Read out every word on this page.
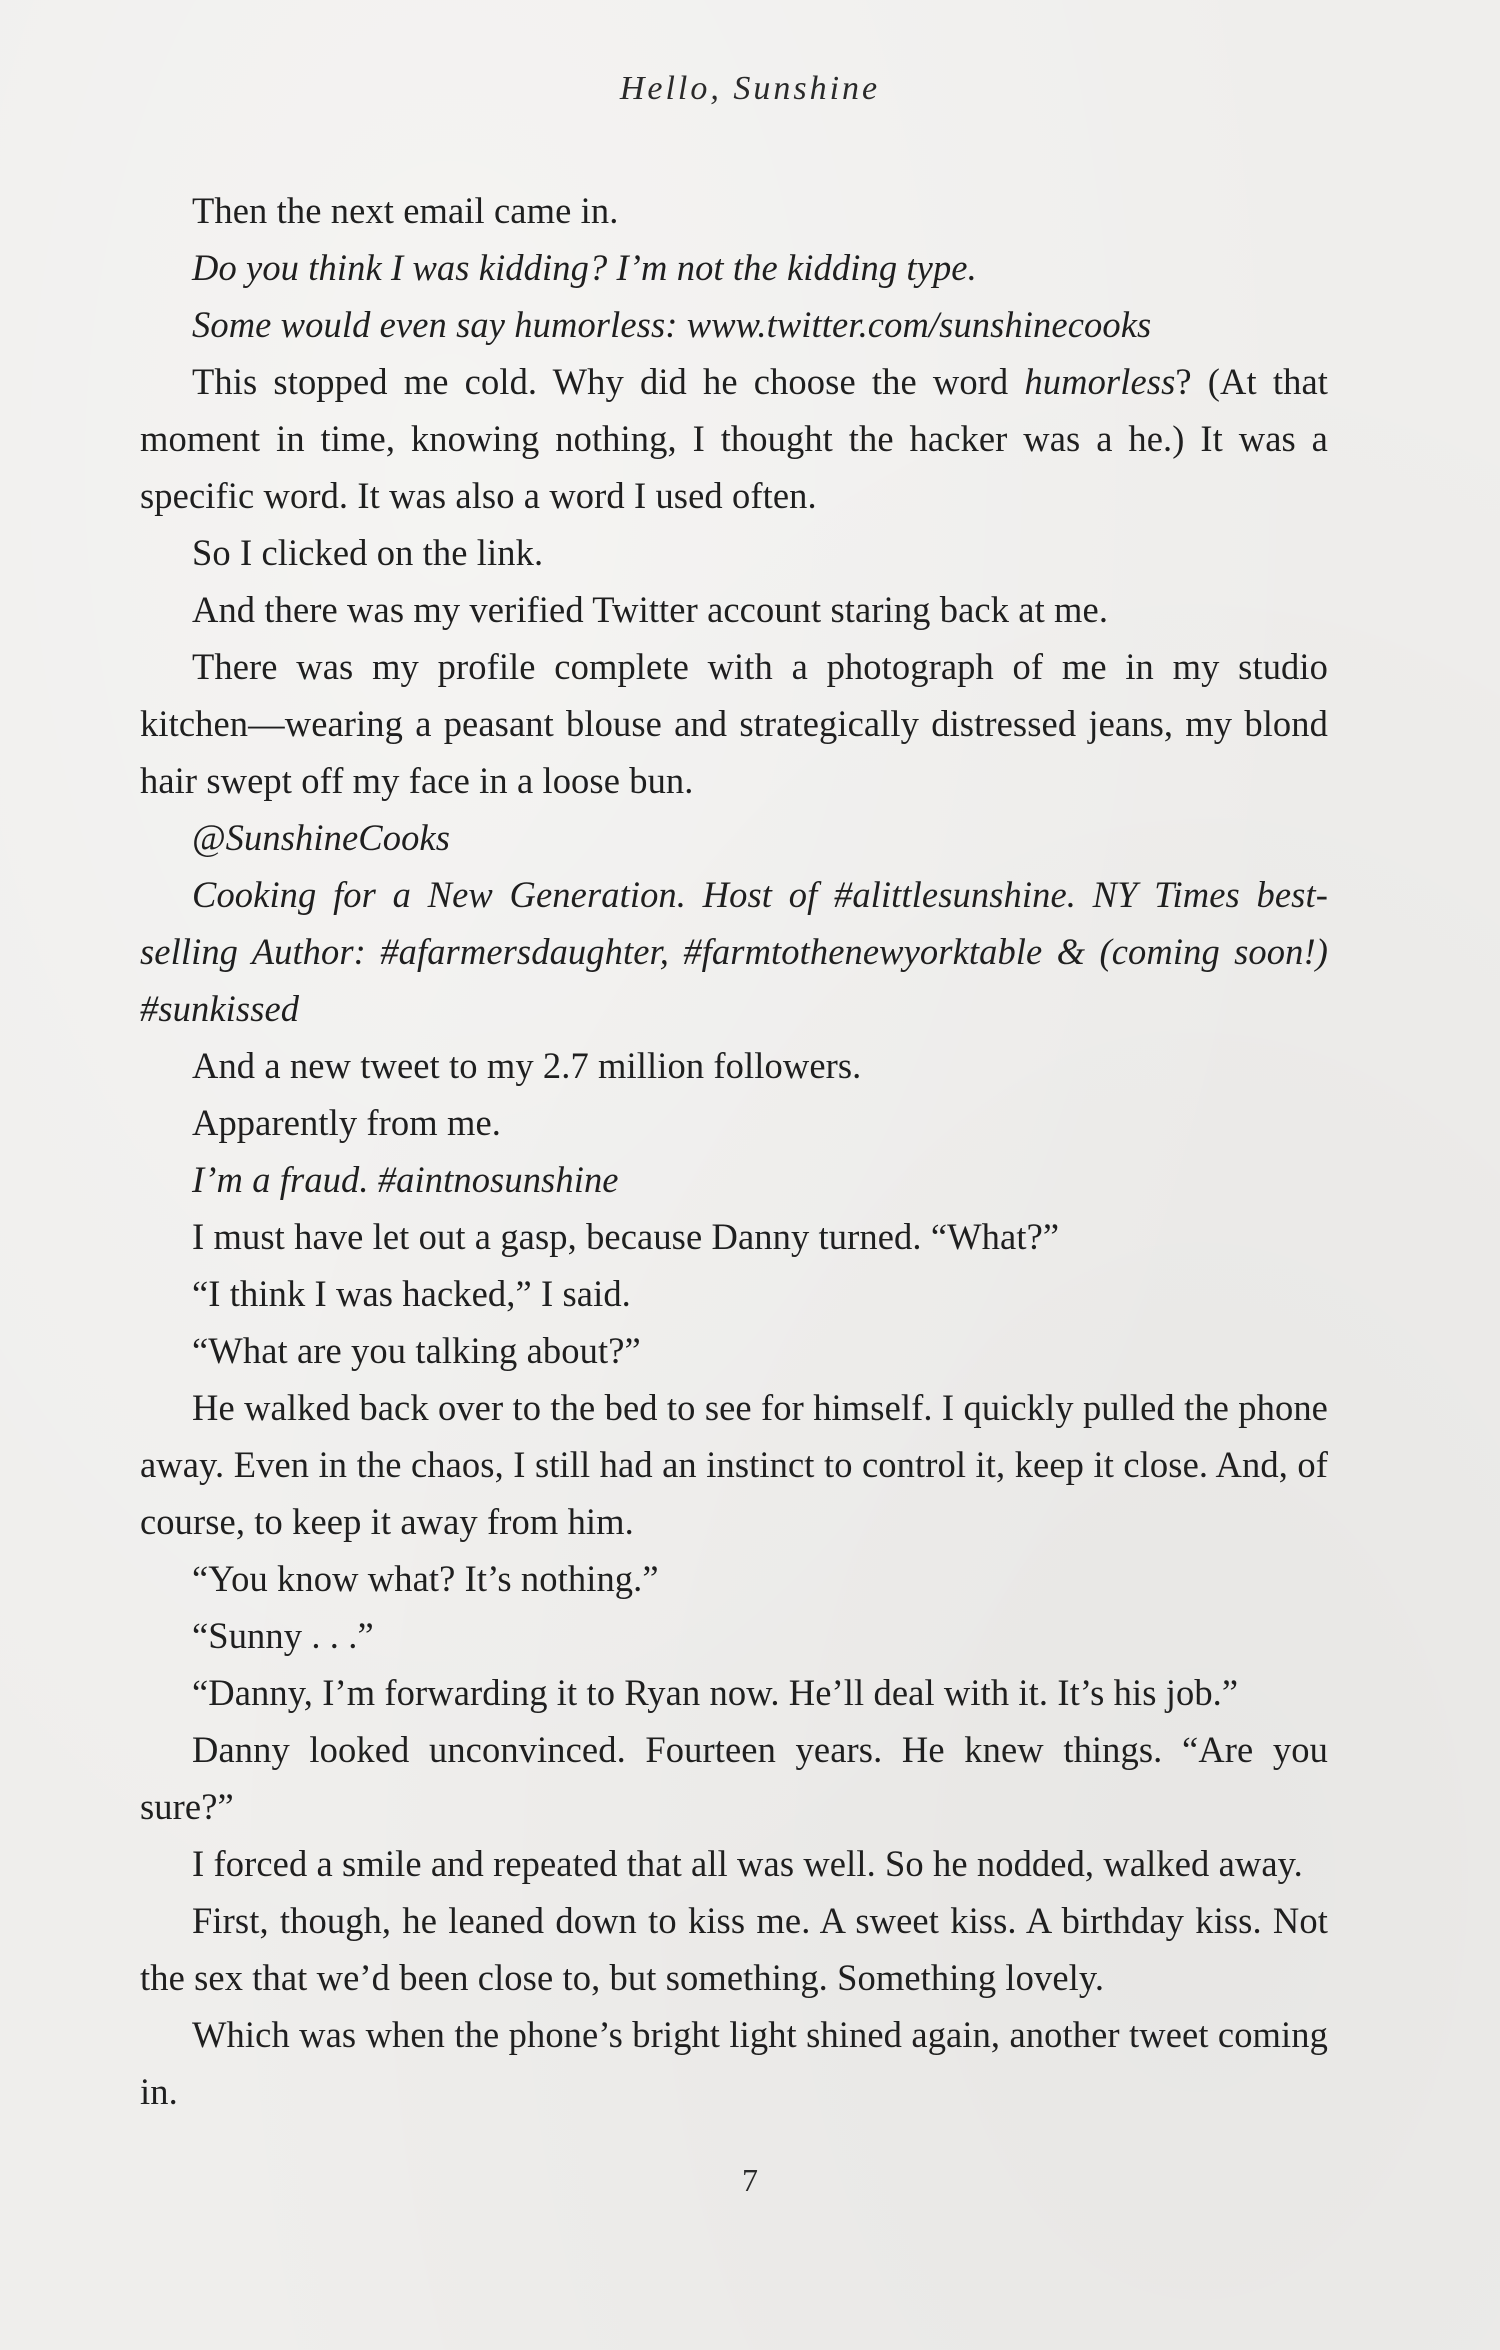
Hello, Sunshine

Then the next email came in.

Do you think I was kidding? I’m not the kidding type.

Some would even say humorless: www.twitter.com/sunshinecooks

This stopped me cold. Why did he choose the word humorless? (At that moment in time, knowing nothing, I thought the hacker was a he.) It was a specific word. It was also a word I used often.

So I clicked on the link.

And there was my verified Twitter account staring back at me.

There was my profile complete with a photograph of me in my studio kitchen—wearing a peasant blouse and strategically distressed jeans, my blond hair swept off my face in a loose bun.

@SunshineCooks

Cooking for a New Generation. Host of #alittlesunshine. NY Times best-selling Author: #afarmersdaughter, #farmtothenewyorktable & (coming soon!) #sunkissed

And a new tweet to my 2.7 million followers.

Apparently from me.

I’m a fraud. #aintnosunshine

I must have let out a gasp, because Danny turned. “What?”

“I think I was hacked,” I said.

“What are you talking about?”

He walked back over to the bed to see for himself. I quickly pulled the phone away. Even in the chaos, I still had an instinct to control it, keep it close. And, of course, to keep it away from him.

“You know what? It’s nothing.”

“Sunny . . .”

“Danny, I’m forwarding it to Ryan now. He’ll deal with it. It’s his job.”

Danny looked unconvinced. Fourteen years. He knew things. “Are you sure?”

I forced a smile and repeated that all was well. So he nodded, walked away.

First, though, he leaned down to kiss me. A sweet kiss. A birthday kiss. Not the sex that we’d been close to, but something. Something lovely.

Which was when the phone’s bright light shined again, another tweet coming in.

7
